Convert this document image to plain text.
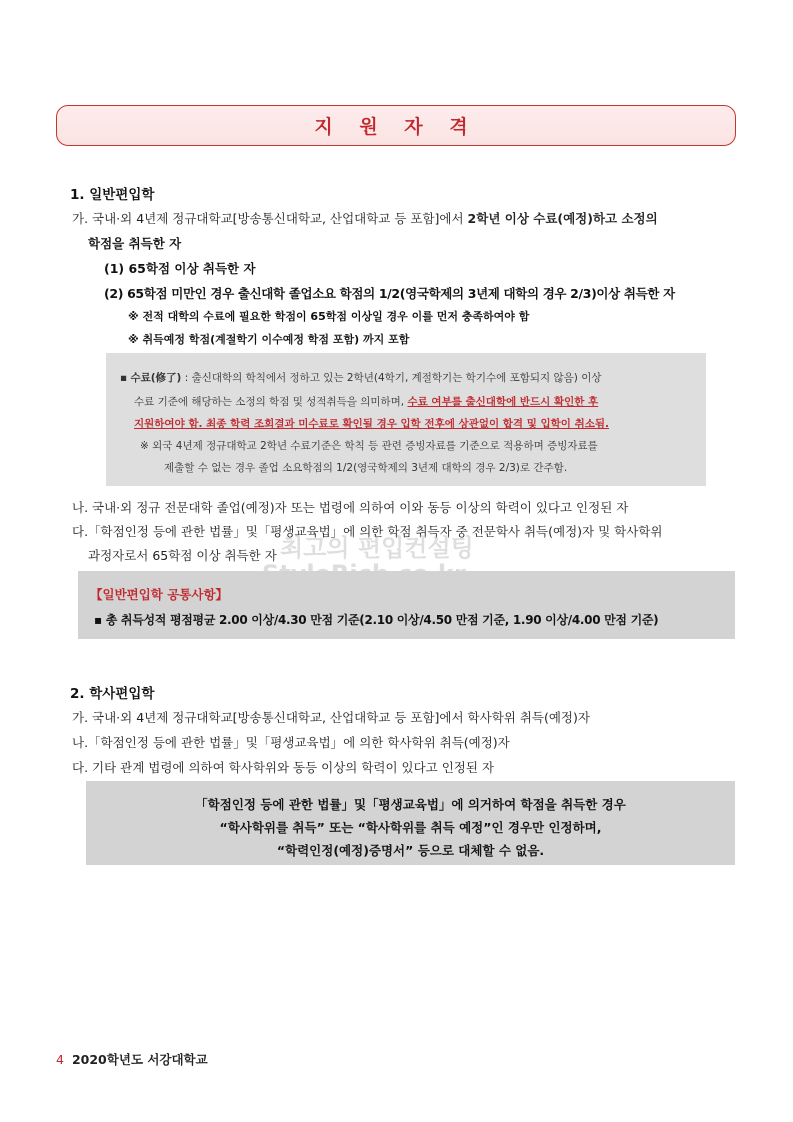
지 원 자 격
1. 일반편입학
가. 국내·외 4년제 정규대학교[방송통신대학교, 산업대학교 등 포함]에서 2학년 이상 수료(예정)하고 소정의
학점을 취득한 자
(1) 65학점 이상 취득한 자
(2) 65학점 미만인 경우 출신대학 졸업소요 학점의 1/2(영국학제의 3년제 대학의 경우 2/3)이상 취득한 자
※ 전적 대학의 수료에 필요한 학점이 65학점 이상일 경우 이를 먼저 충족하여야 함
※ 취득예정 학점(계절학기 이수예정 학점 포함) 까지 포함
▪ 수료(修了) : 출신대학의 학칙에서 정하고 있는 2학년(4학기, 계절학기는 학기수에 포함되지 않음) 이상
수료 기준에 해당하는 소정의 학점 및 성적취득을 의미하며, 수료 여부를 출신대학에 반드시 확인한 후
지원하여야 함. 최종 학력 조회결과 미수료로 확인될 경우 입학 전후에 상관없이 합격 및 입학이 취소됨.
※ 외국 4년제 정규대학교 2학년 수료기준은 학칙 등 관련 증빙자료를 기준으로 적용하며 증빙자료를
제출할 수 없는 경우 졸업 소요학점의 1/2(영국학제의 3년제 대학의 경우 2/3)로 간주함.
나. 국내·외 정규 전문대학 졸업(예정)자 또는 법령에 의하여 이와 동등 이상의 학력이 있다고 인정된 자
다.「학점인정 등에 관한 법률」및「평생교육법」에 의한 학점 취득자 중 전문학사 취득(예정)자 및 학사학위
과정자로서 65학점 이상 취득한 자 최고의 편입컨설팅
【일반편입학 공통사항】
▪ 총 취득성적 평점평균 2.00 이상/4.30 만점 기준(2.10 이상/4.50 만점 기준, 1.90 이상/4.00 만점 기준)
2. 학사편입학
가. 국내·외 4년제 정규대학교[방송통신대학교, 산업대학교 등 포함]에서 학사학위 취득(예정)자
나.「학점인정 등에 관한 법률」및「평생교육법」에 의한 학사학위 취득(예정)자
다. 기타 관계 법령에 의하여 학사학위와 동등 이상의 학력이 있다고 인정된 자
「학점인정 등에 관한 법률」및「평생교육법」에 의거하여 학점을 취득한 경우
“학사학위를 취득” 또는 “학사학위를 취득 예정”인 경우만 인정하며,
“학력인정(예정)증명서” 등으로 대체할 수 없음.
4 2020학년도 서강대학교
